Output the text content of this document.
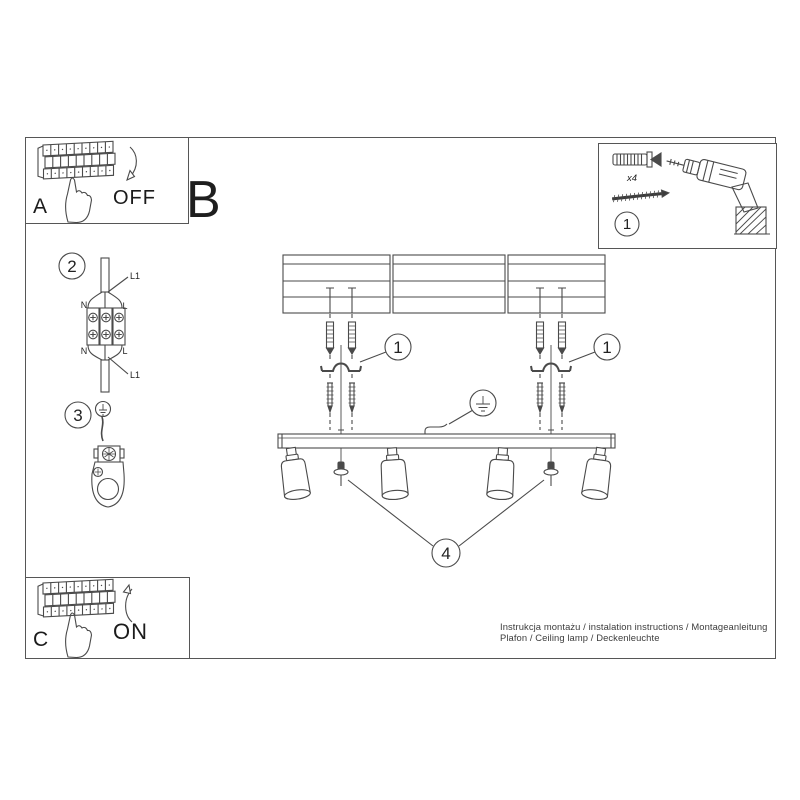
A	OFF B	x4
1
2	L1
N	L
N	L
L1
3
1	1
4
C	ON	Instrukcja montażu / instalation instructions / Montageanleitung
Plafon / Ceiling lamp / Deckenleuchte
